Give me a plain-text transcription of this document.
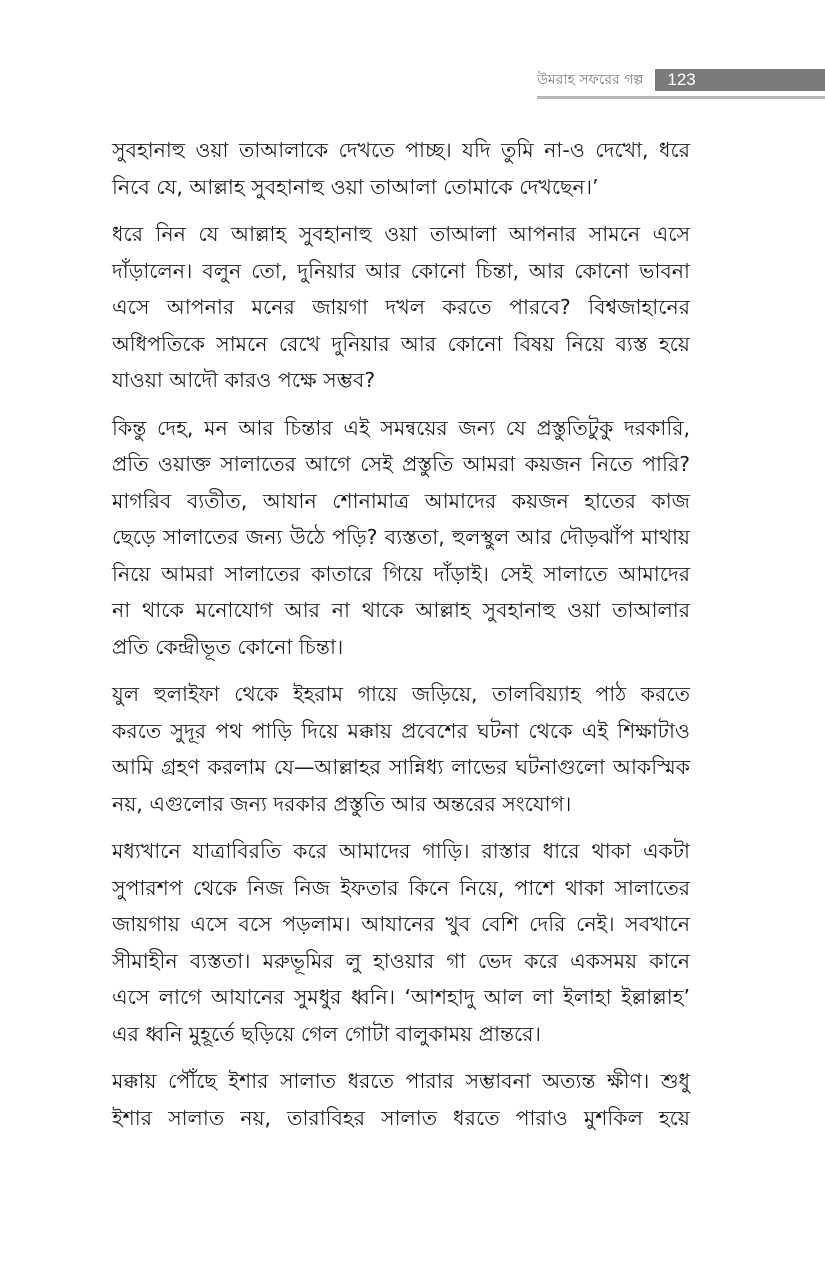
উমরাহ সফরের গল্প	123

সুবহানাহু ওয়া তাআলাকে দেখতে পাচ্ছ। যদি তুমি না-ও দেখো, ধরে
নিবে যে, আল্লাহ সুবহানাহু ওয়া তাআলা তোমাকে দেখছেন।’

ধরে নিন যে আল্লাহ সুবহানাহু ওয়া তাআলা আপনার সামনে এসে
দাঁড়ালেন। বলুন তো, দুনিয়ার আর কোনো চিন্তা, আর কোনো ভাবনা
এসে আপনার মনের জায়গা দখল করতে পারবে? বিশ্বজাহানের
অধিপতিকে সামনে রেখে দুনিয়ার আর কোনো বিষয় নিয়ে ব্যস্ত হয়ে
যাওয়া আদৌ কারও পক্ষে সম্ভব?

কিন্তু দেহ, মন আর চিন্তার এই সমন্বয়ের জন্য যে প্রস্তুতিটুকু দরকারি,
প্রতি ওয়াক্ত সালাতের আগে সেই প্রস্তুতি আমরা কয়জন নিতে পারি?
মাগরিব ব্যতীত, আযান শোনামাত্র আমাদের কয়জন হাতের কাজ
ছেড়ে সালাতের জন্য উঠে পড়ি? ব্যস্ততা, হুলস্থুল আর দৌড়ঝাঁপ মাথায়
নিয়ে আমরা সালাতের কাতারে গিয়ে দাঁড়াই। সেই সালাতে আমাদের
না থাকে মনোযোগ আর না থাকে আল্লাহ সুবহানাহু ওয়া তাআলার
প্রতি কেন্দ্রীভূত কোনো চিন্তা।

যুল হুলাইফা থেকে ইহরাম গায়ে জড়িয়ে, তালবিয়্যাহ পাঠ করতে
করতে সুদূর পথ পাড়ি দিয়ে মক্কায় প্রবেশের ঘটনা থেকে এই শিক্ষাটাও
আমি গ্রহণ করলাম যে—আল্লাহর সান্নিধ্য লাভের ঘটনাগুলো আকস্মিক
নয়, এগুলোর জন্য দরকার প্রস্তুতি আর অন্তরের সংযোগ।

মধ্যখানে যাত্রাবিরতি করে আমাদের গাড়ি। রাস্তার ধারে থাকা একটা
সুপারশপ থেকে নিজ নিজ ইফতার কিনে নিয়ে, পাশে থাকা সালাতের
জায়গায় এসে বসে পড়লাম। আযানের খুব বেশি দেরি নেই। সবখানে
সীমাহীন ব্যস্ততা। মরুভূমির লু হাওয়ার গা ভেদ করে একসময় কানে
এসে লাগে আযানের সুমধুর ধ্বনি। ‘আশহাদু আল লা ইলাহা ইল্লাল্লাহ’
এর ধ্বনি মুহূর্তে ছড়িয়ে গেল গোটা বালুকাময় প্রান্তরে।

মক্কায় পৌঁছে ইশার সালাত ধরতে পারার সম্ভাবনা অত্যন্ত ক্ষীণ। শুধু
ইশার সালাত নয়, তারাবিহর সালাত ধরতে পারাও মুশকিল হয়ে
